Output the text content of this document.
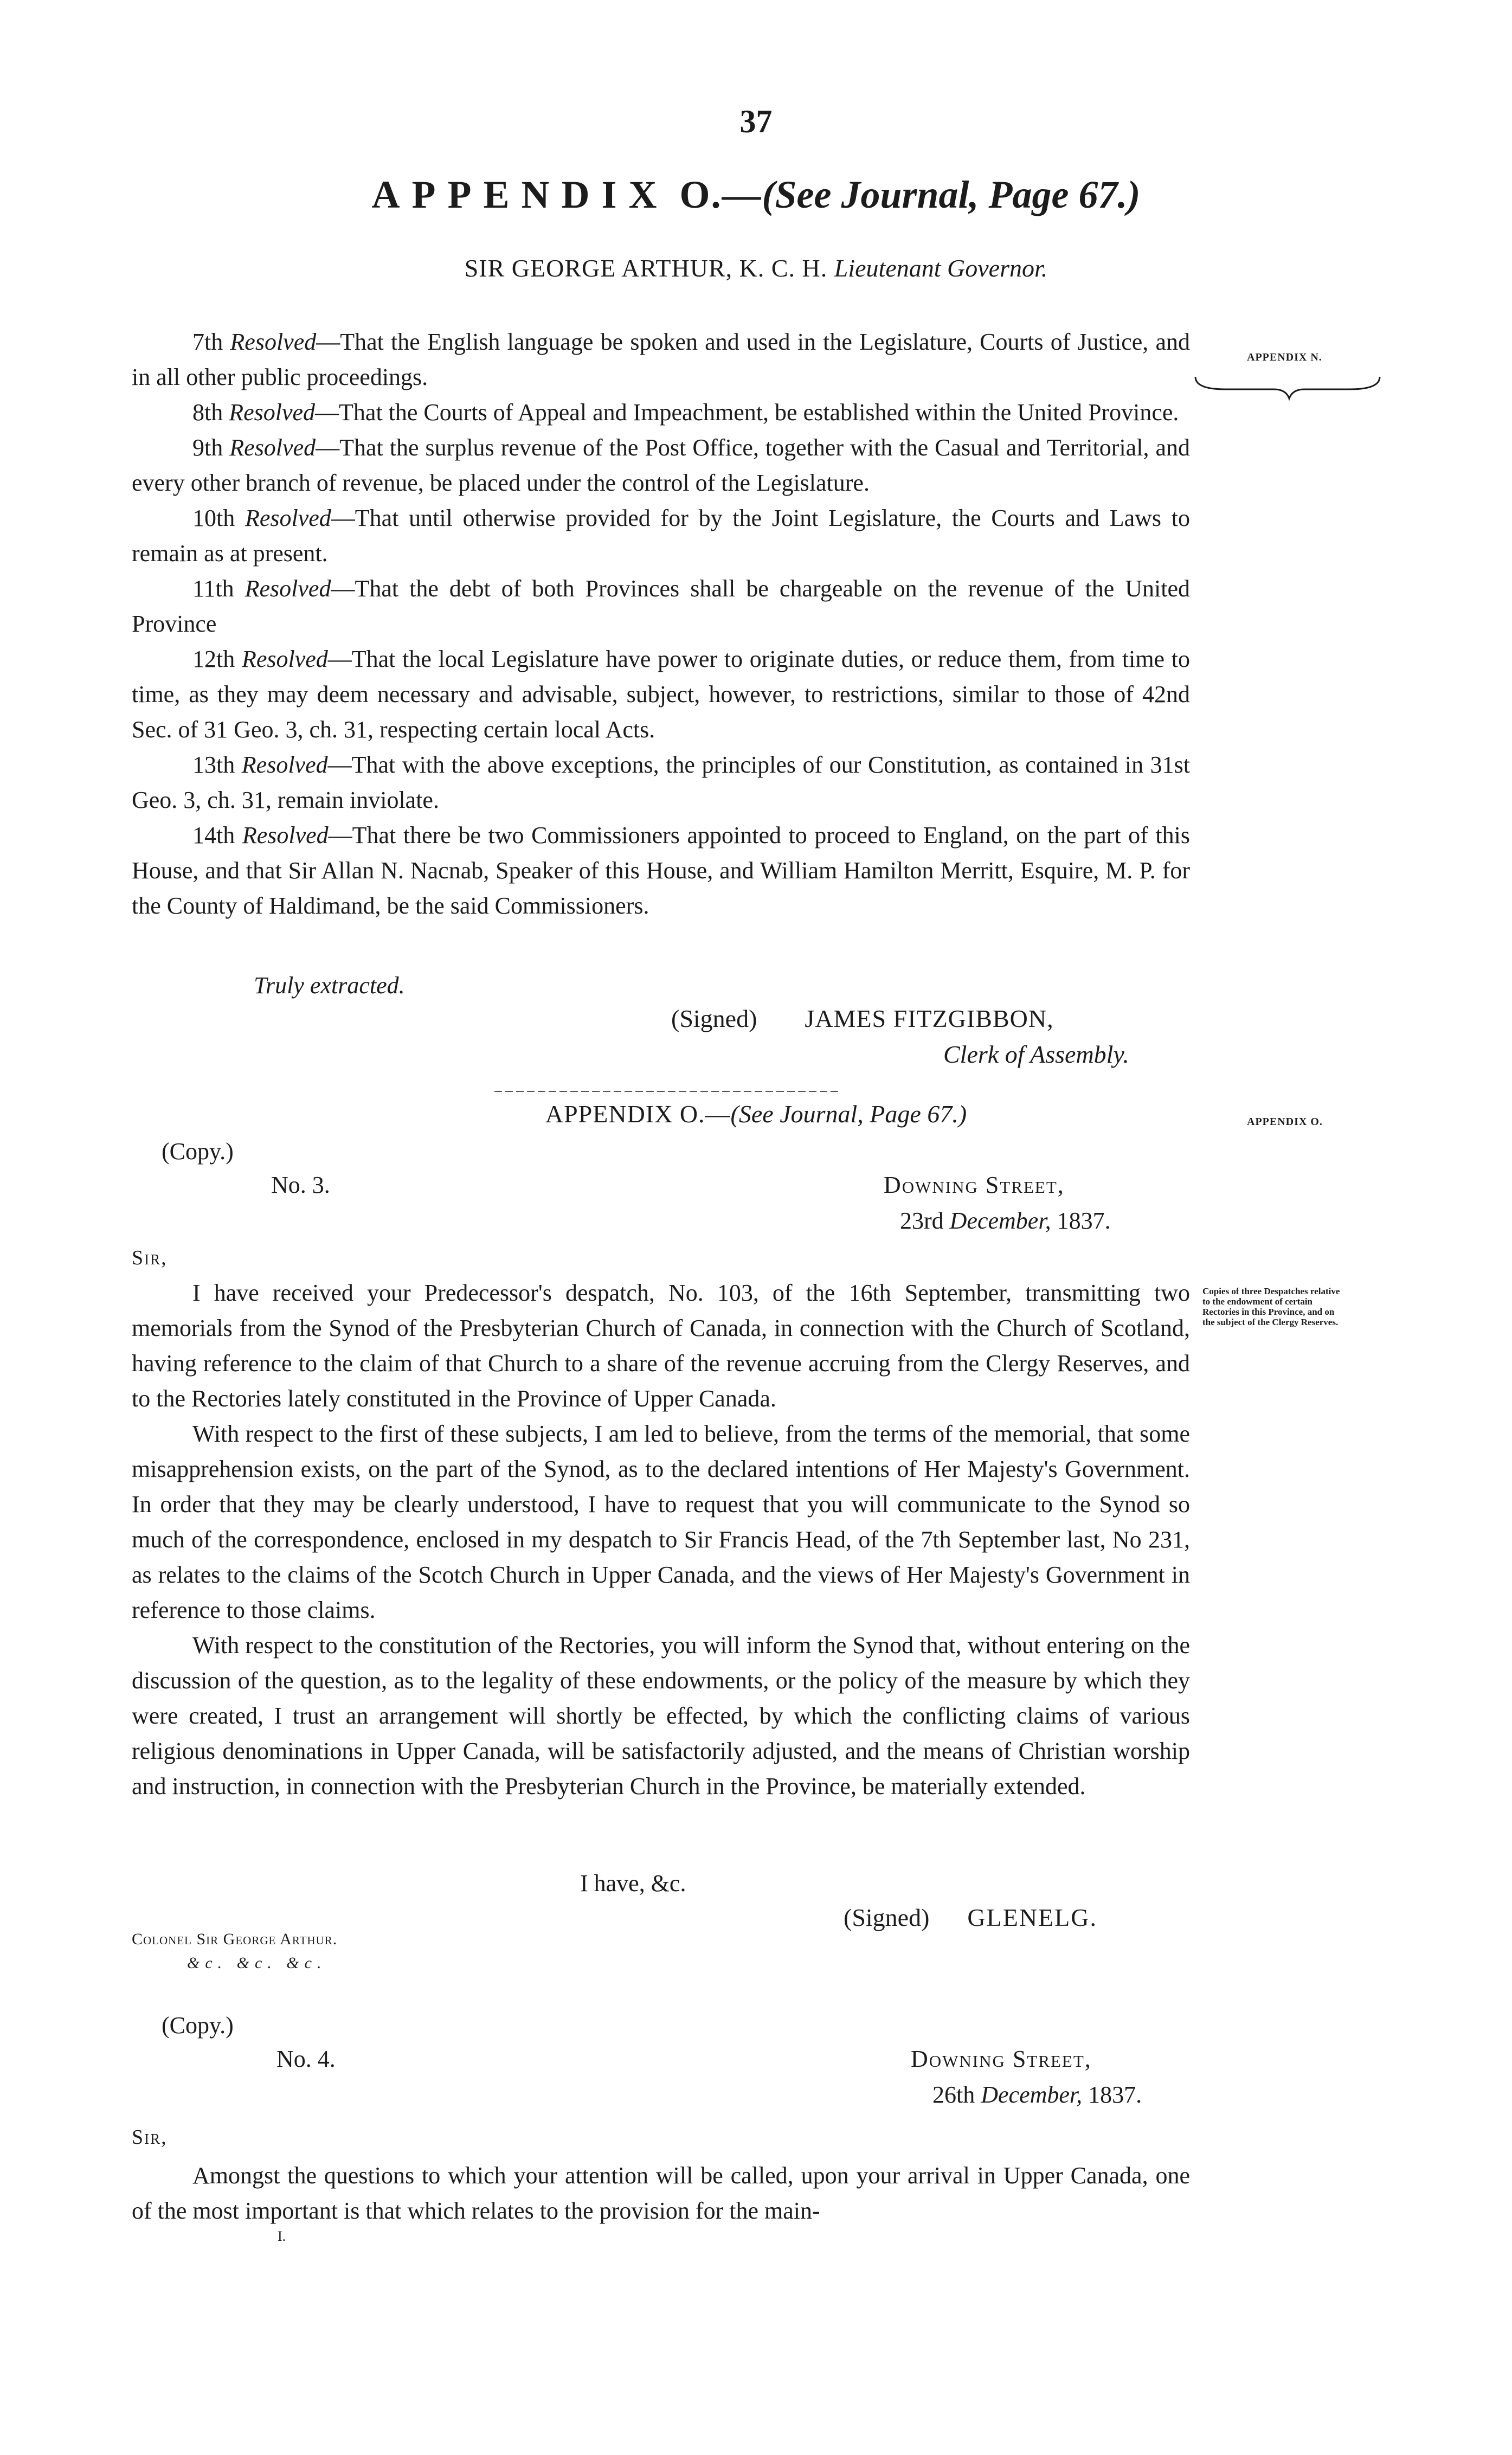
37
APPENDIX O.—(See Journal, Page 67.)
SIR GEORGE ARTHUR, K. C. H. Lieutenant Governor.

7th Resolved—That the English language be spoken and used in the Legislature, Courts of Justice, and in all other public proceedings.

8th Resolved—That the Courts of Appeal and Impeachment, be established within the United Province.

9th Resolved—That the surplus revenue of the Post Office, together with the Casual and Territorial, and every other branch of revenue, be placed under the control of the Legislature.

10th Resolved—That until otherwise provided for by the Joint Legislature, the Courts and Laws to remain as at present.

11th Resolved—That the debt of both Provinces shall be chargeable on the revenue of the United Province

12th Resolved—That the local Legislature have power to originate duties, or reduce them, from time to time, as they may deem necessary and advisable, subject, however, to restrictions, similar to those of 42nd Sec. of 31 Geo. 3, ch. 31, respecting certain local Acts.

13th Resolved—That with the above exceptions, the principles of our Constitution, as contained in 31st Geo. 3, ch. 31, remain inviolate.

14th Resolved—That there be two Commissioners appointed to proceed to England, on the part of this House, and that Sir Allan N. Nacnab, Speaker of this House, and William Hamilton Merritt, Esquire, M. P. for the County of Haldimand, be the said Commissioners.

APPENDIX N.
Truly extracted.
(Signed) JAMES FITZGIBBON,
Clerk of Assembly.
APPENDIX O.—(See Journal, Page 67.)	APPENDIX O.
(Copy.)
No. 3.	Downing Street,
23rd December, 1837.
Sir,

I have received your Predecessor's despatch, No. 103, of the 16th September, transmitting two memorials from the Synod of the Presbyterian Church of Canada, in connection with the Church of Scotland, having reference to the claim of that Church to a share of the revenue accruing from the Clergy Reserves, and to the Rectories lately constituted in the Province of Upper Canada.

With respect to the first of these subjects, I am led to believe, from the terms of the memorial, that some misapprehension exists, on the part of the Synod, as to the declared intentions of Her Majesty's Government. In order that they may be clearly understood, I have to request that you will communicate to the Synod so much of the correspondence, enclosed in my despatch to Sir Francis Head, of the 7th September last, No 231, as relates to the claims of the Scotch Church in Upper Canada, and the views of Her Majesty's Government in reference to those claims.

With respect to the constitution of the Rectories, you will inform the Synod that, without entering on the discussion of the question, as to the legality of these endowments, or the policy of the measure by which they were created, I trust an arrangement will shortly be effected, by which the conflicting claims of various religious denominations in Upper Canada, will be satisfactorily adjusted, and the means of Christian worship and instruction, in connection with the Presbyterian Church in the Province, be materially extended.

Copies of three Despatches relative to the endowment of certain Rectories in this Province, and on the subject of the Clergy Reserves.
I have, &c.
(Signed) GLENELG.
Colonel Sir George Arthur.
&c. &c. &c.
(Copy.)
No. 4.	Downing Street,
26th December, 1837.
Sir,

Amongst the questions to which your attention will be called, upon your arrival in Upper Canada, one of the most important is that which relates to the provision for the main-

I.
